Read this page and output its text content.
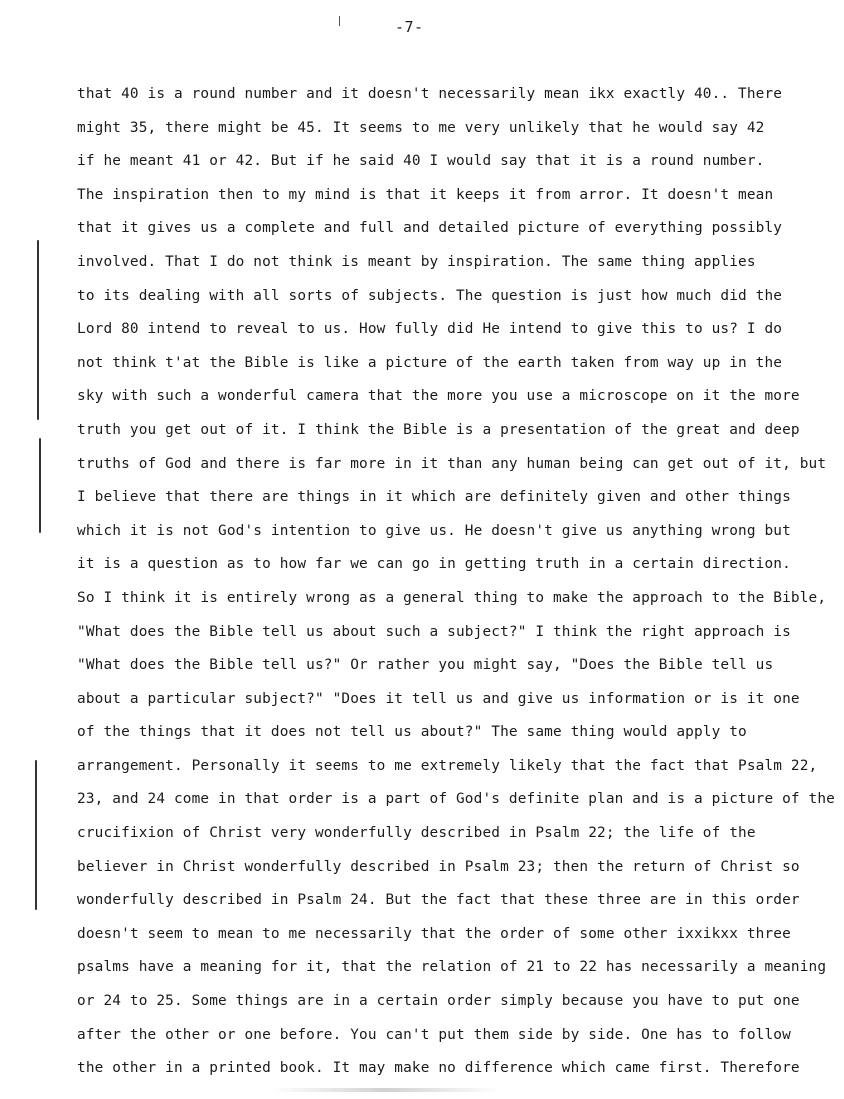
-7-
that 40 is a round number and it doesn't necessarily mean ikx exactly 40.. There
might 35, there might be 45. It seems to me very unlikely that he would say 42
if he meant 41 or 42. But if he said 40 I would say that it is a round number.
The inspiration then to my mind is that it keeps it from arror. It doesn't mean
that it gives us a complete and full and detailed picture of everything possibly
involved. That I do not think is meant by inspiration. The same thing applies
to its dealing with all sorts of subjects. The question is just how much did the
Lord 80 intend to reveal to us. How fully did He intend to give this to us? I do
not think t'at the Bible is like a picture of the earth taken from way up in the
sky with such a wonderful camera that the more you use a microscope on it the more
truth you get out of it. I think the Bible is a presentation of the great and deep
truths of God and there is far more in it than any human being can get out of it, but
I believe that there are things in it which are definitely given and other things
which it is not God's intention to give us. He doesn't give us anything wrong but
it is a question as to how far we can go in getting truth in a certain direction.
So I think it is entirely wrong as a general thing to make the approach to the Bible,
"What does the Bible tell us about such a subject?" I think the right approach is
"What does the Bible tell us?" Or rather you might say, "Does the Bible tell us
about a particular subject?" "Does it tell us and give us information or is it one
of the things that it does not tell us about?" The same thing would apply to
arrangement. Personally it seems to me extremely likely that the fact that Psalm 22,
23, and 24 come in that order is a part of God's definite plan and is a picture of the
crucifixion of Christ very wonderfully described in Psalm 22; the life of the
believer in Christ wonderfully described in Psalm 23; then the return of Christ so
wonderfully described in Psalm 24. But the fact that these three are in this order
doesn't seem to mean to me necessarily that the order of some other ixxikxx three
psalms have a meaning for it, that the relation of 21 to 22 has necessarily a meaning
or 24 to 25. Some things are in a certain order simply because you have to put one
after the other or one before. You can't put them side by side. One has to follow
the other in a printed book. It may make no difference which came first. Therefore
